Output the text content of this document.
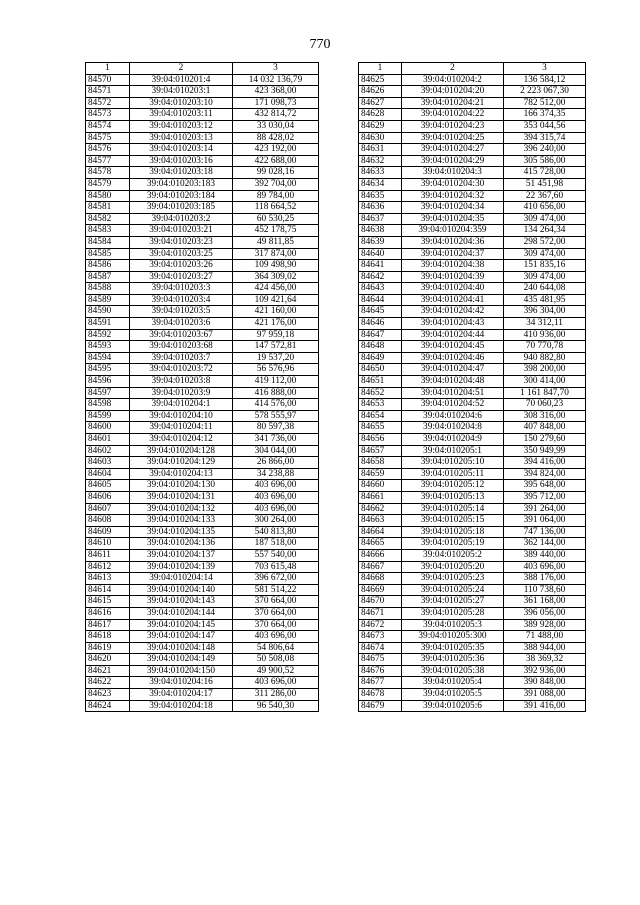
770
1	2	3
84570	39:04:010201:4	14 032 136,79
84571	39:04:010203:1	423 368,00
84572	39:04:010203:10	171 098,73
84573	39:04:010203:11	432 814,72
84574	39:04:010203:12	33 030,04
84575	39:04:010203:13	88 428,02
84576	39:04:010203:14	423 192,00
84577	39:04:010203:16	422 688,00
84578	39:04:010203:18	99 028,16
84579	39:04:010203:183	392 704,00
84580	39:04:010203:184	89 784,00
84581	39:04:010203:185	118 664,52
84582	39:04:010203:2	60 530,25
84583	39:04:010203:21	452 178,75
84584	39:04:010203:23	49 811,85
84585	39:04:010203:25	317 874,00
84586	39:04:010203:26	109 498,90
84587	39:04:010203:27	364 309,02
84588	39:04:010203:3	424 456,00
84589	39:04:010203:4	109 421,64
84590	39:04:010203:5	421 160,00
84591	39:04:010203:6	421 176,00
84592	39:04:010203:67	97 959,18
84593	39:04:010203:68	147 572,81
84594	39:04:010203:7	19 537,20
84595	39:04:010203:72	56 576,96
84596	39:04:010203:8	419 112,00
84597	39:04:010203:9	416 888,00
84598	39:04:010204:1	414 576,00
84599	39:04:010204:10	578 555,97
84600	39:04:010204:11	80 597,38
84601	39:04:010204:12	341 736,00
84602	39:04:010204:128	304 044,00
84603	39:04:010204:129	26 866,00
84604	39:04:010204:13	34 238,88
84605	39:04:010204:130	403 696,00
84606	39:04:010204:131	403 696,00
84607	39:04:010204:132	403 696,00
84608	39:04:010204:133	300 264,00
84609	39:04:010204:135	540 813,80
84610	39:04:010204:136	187 518,00
84611	39:04:010204:137	557 540,00
84612	39:04:010204:139	703 615,48
84613	39:04:010204:14	396 672,00
84614	39:04:010204:140	581 514,22
84615	39:04:010204:143	370 664,00
84616	39:04:010204:144	370 664,00
84617	39:04:010204:145	370 664,00
84618	39:04:010204:147	403 696,00
84619	39:04:010204:148	54 806,64
84620	39:04:010204:149	50 508,08
84621	39:04:010204:150	49 900,52
84622	39:04:010204:16	403 696,00
84623	39:04:010204:17	311 286,00
84624	39:04:010204:18	96 540,30
1	2	3
84625	39:04:010204:2	136 584,12
84626	39:04:010204:20	2 223 067,30
84627	39:04:010204:21	782 512,00
84628	39:04:010204:22	166 374,35
84629	39:04:010204:23	353 044,56
84630	39:04:010204:25	394 315,74
84631	39:04:010204:27	396 240,00
84632	39:04:010204:29	305 586,00
84633	39:04:010204:3	415 728,00
84634	39:04:010204:30	51 451,98
84635	39:04:010204:32	22 367,60
84636	39:04:010204:34	410 656,00
84637	39:04:010204:35	309 474,00
84638	39:04:010204:359	134 264,34
84639	39:04:010204:36	298 572,00
84640	39:04:010204:37	309 474,00
84641	39:04:010204:38	151 835,16
84642	39:04:010204:39	309 474,00
84643	39:04:010204:40	240 644,08
84644	39:04:010204:41	435 481,95
84645	39:04:010204:42	396 304,00
84646	39:04:010204:43	34 312,11
84647	39:04:010204:44	410 936,00
84648	39:04:010204:45	70 770,78
84649	39:04:010204:46	940 882,80
84650	39:04:010204:47	398 200,00
84651	39:04:010204:48	300 414,00
84652	39:04:010204:51	1 161 847,70
84653	39:04:010204:52	70 060,23
84654	39:04:010204:6	308 316,00
84655	39:04:010204:8	407 848,00
84656	39:04:010204:9	150 279,60
84657	39:04:010205:1	350 949,99
84658	39:04:010205:10	394 416,00
84659	39:04:010205:11	394 824,00
84660	39:04:010205:12	395 648,00
84661	39:04:010205:13	395 712,00
84662	39:04:010205:14	391 264,00
84663	39:04:010205:15	391 064,00
84664	39:04:010205:18	747 136,00
84665	39:04:010205:19	362 144,00
84666	39:04:010205:2	389 440,00
84667	39:04:010205:20	403 696,00
84668	39:04:010205:23	388 176,00
84669	39:04:010205:24	110 738,60
84670	39:04:010205:27	361 168,00
84671	39:04:010205:28	396 056,00
84672	39:04:010205:3	389 928,00
84673	39:04:010205:300	71 488,00
84674	39:04:010205:35	388 944,00
84675	39:04:010205:36	38 369,32
84676	39:04:010205:38	392 936,00
84677	39:04:010205:4	390 848,00
84678	39:04:010205:5	391 088,00
84679	39:04:010205:6	391 416,00
